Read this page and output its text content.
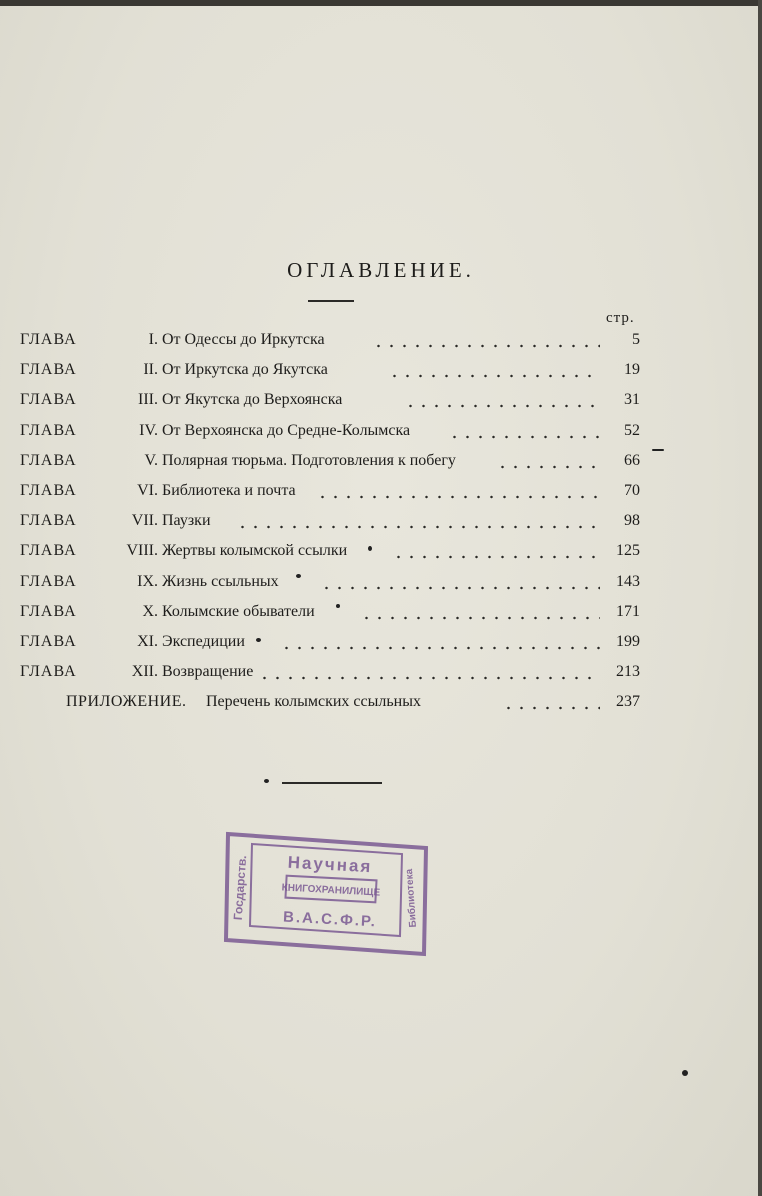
ОГЛАВЛЕНИЕ.
стр.
ГЛАВА	I. От Одессы до Иркутска	5
ГЛАВА	II. От Иркутска до Якутска	19
ГЛАВА	III. От Якутска до Верхоянска	31
ГЛАВА	IV. От Верхоянска до Средне-Колымска	52
ГЛАВА	V. Полярная тюрьма. Подготовления к побегу	66
ГЛАВА	VI. Библиотека и почта	70
ГЛАВА	VII. Паузки	98
ГЛАВА	VIII. Жертвы колымской ссылки	125
ГЛАВА	IX. Жизнь ссыльных	143
ГЛАВА	X. Колымские обыватели	171
ГЛАВА	XI. Экспедиции	199
ГЛАВА	XII. Возвращение	213
ПРИЛОЖЕНИЕ. Перечень колымских ссыльных	237
Научная
КНИГОХРАНИЛИЩЕ
В.А.С.Ф.Р.
Госдарств.	Библиотека
